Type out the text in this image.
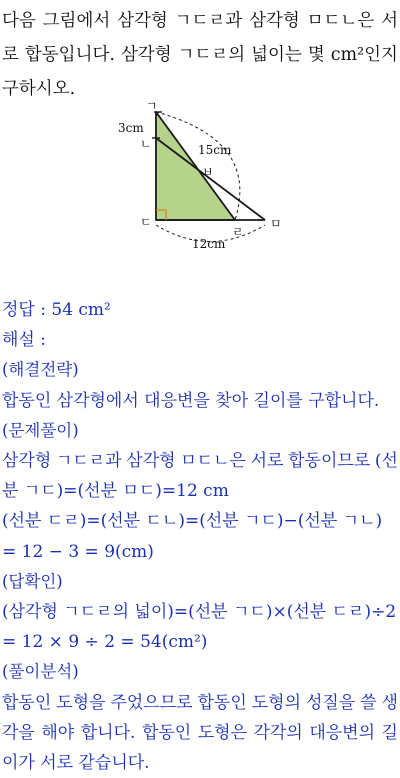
다음 그림에서 삼각형 ㄱㄷㄹ과 삼각형 ㅁㄷㄴ은 서
로 합동입니다. 삼각형 ㄱㄷㄹ의 넓이는 몇 cm²인지
구하시오.
ㄱ
ㄴ
ㄷ
ㄹ
ㅁ
ㅂ
3cm
15cm
12cm
정답 : 54 cm²
해설 :
(해결전략)
합동인 삼각형에서 대응변을 찾아 길이를 구합니다.
(문제풀이)
삼각형 ㄱㄷㄹ과 삼각형 ㅁㄷㄴ은 서로 합동이므로 (선
분 ㄱㄷ)=(선분 ㅁㄷ)=12 cm
(선분 ㄷㄹ)=(선분 ㄷㄴ)=(선분 ㄱㄷ)−(선분 ㄱㄴ)
= 12 − 3 = 9(cm)
(답확인)
(삼각형 ㄱㄷㄹ의 넓이)=(선분 ㄱㄷ)×(선분 ㄷㄹ)÷2
= 12 × 9 ÷ 2 = 54(cm²)
(풀이분석)
합동인 도형을 주었으므로 합동인 도형의 성질을 쓸 생
각을 해야 합니다. 합동인 도형은 각각의 대응변의 길
이가 서로 같습니다.
